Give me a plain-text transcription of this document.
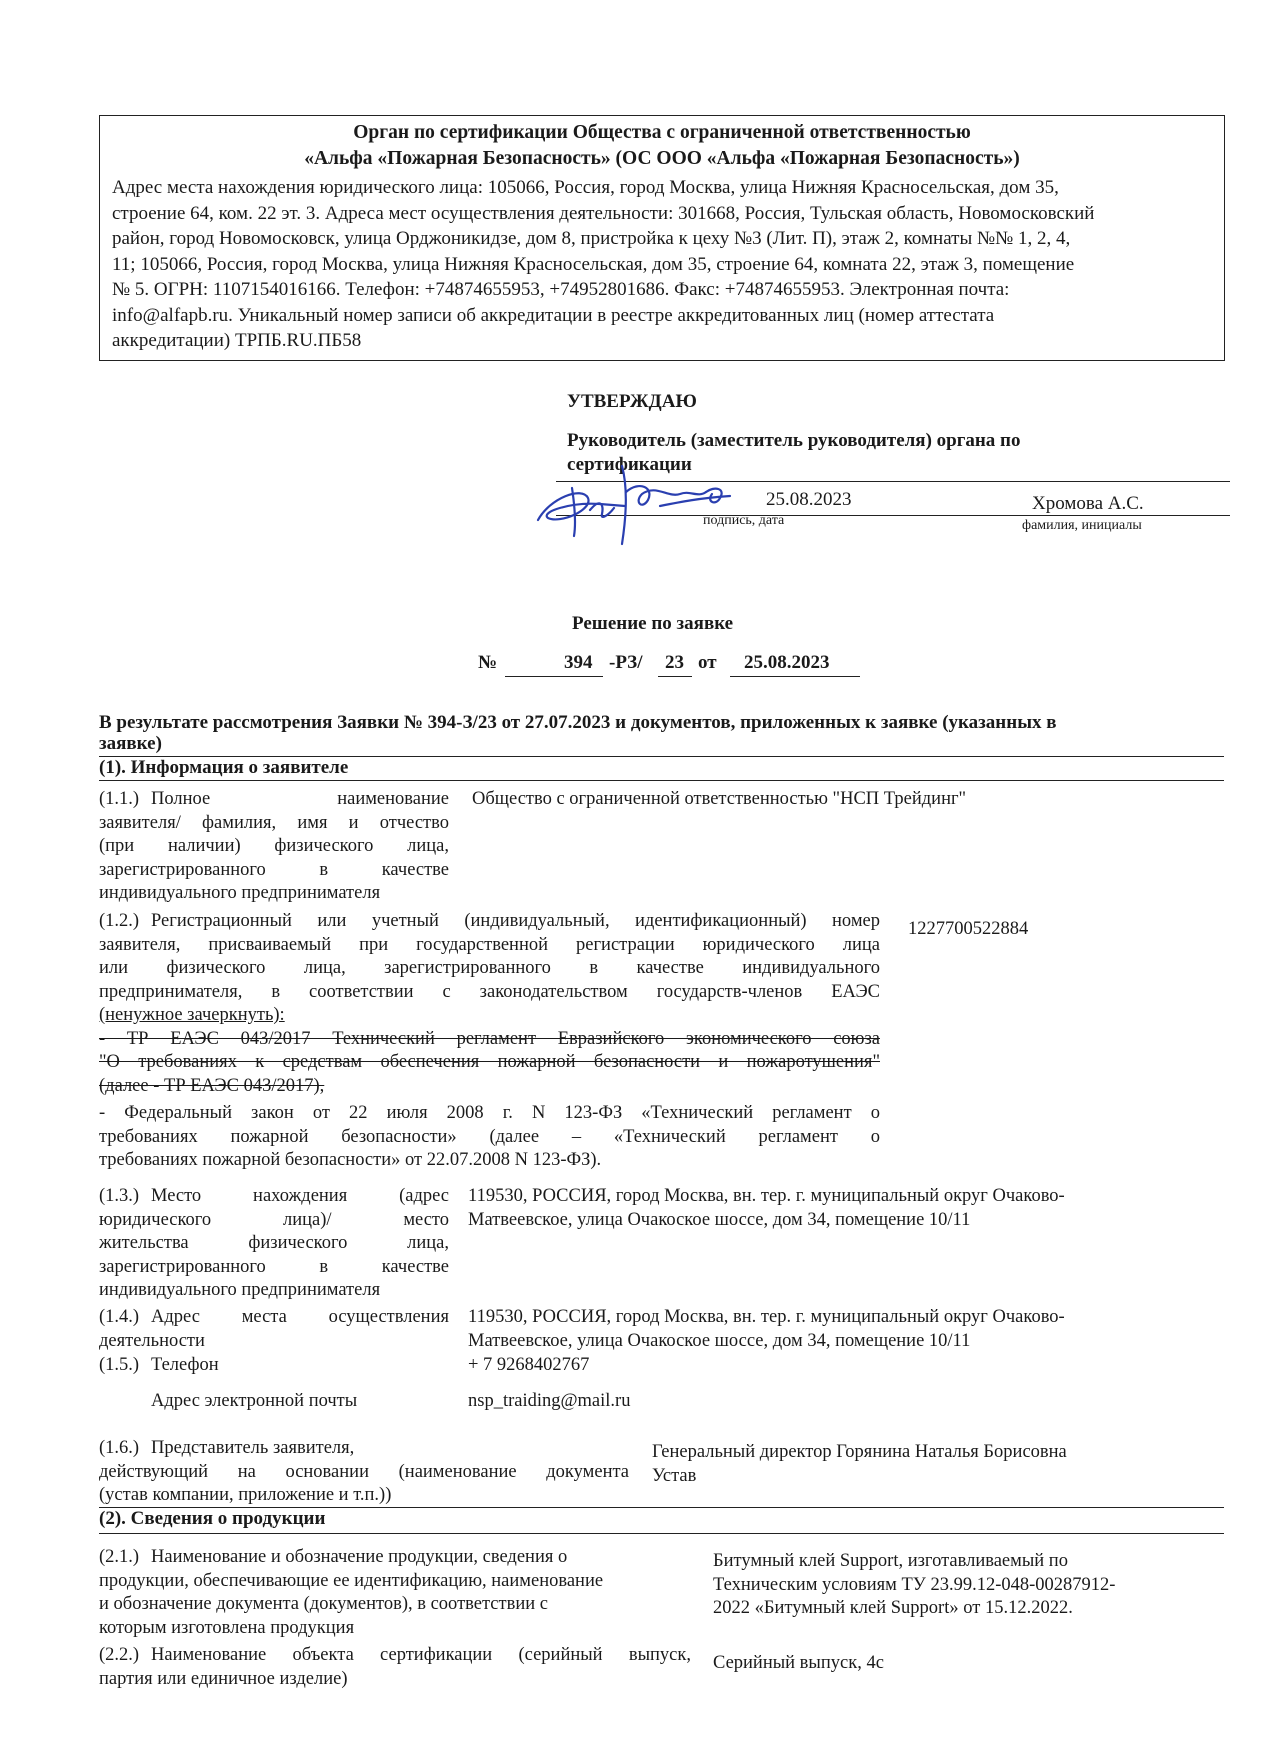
Орган по сертификации Общества с ограниченной ответственностью
«Альфа «Пожарная Безопасность» (ОС ООО «Альфа «Пожарная Безопасность»)
Адрес места нахождения юридического лица: 105066, Россия, город Москва, улица Нижняя Красносельская, дом 35,
строение 64, ком. 22 эт. 3. Адреса мест осуществления деятельности: 301668, Россия, Тульская область, Новомосковский
район, город Новомосковск, улица Орджоникидзе, дом 8, пристройка к цеху №3 (Лит. П), этаж 2, комнаты №№ 1, 2, 4,
11; 105066, Россия, город Москва, улица Нижняя Красносельская, дом 35, строение 64, комната 22, этаж 3, помещение
№ 5. ОГРН: 1107154016166. Телефон: +74874655953, +74952801686. Факс: +74874655953. Электронная почта:
info@alfapb.ru. Уникальный номер записи об аккредитации в реестре аккредитованных лиц (номер аттестата
аккредитации) ТРПБ.RU.ПБ58
УТВЕРЖДАЮ
Руководитель (заместитель руководителя) органа по
сертификации
25.08.2023	Хромова А.С.
подпись, дата	фамилия, инициалы
Решение по заявке
№	394 -РЗ/ 23 от 25.08.2023
В результате рассмотрения Заявки № 394-З/23 от 27.07.2023 и документов, приложенных к заявке (указанных в
заявке)
(1). Информация о заявителе
(1.1.) Полное наименование
заявителя/ фамилия, имя и отчество
(при наличии) физического лица,
зарегистрированного в качестве
индивидуального предпринимателя
Общество с ограниченной ответственностью "НСП Трейдинг"
(1.2.) Регистрационный или учетный (индивидуальный, идентификационный) номер
заявителя, присваиваемый при государственной регистрации юридического лица
или физического лица, зарегистрированного в качестве индивидуального
предпринимателя, в соответствии с законодательством государств-членов ЕАЭС
(ненужное зачеркнуть):
- ТР ЕАЭС 043/2017 Технический регламент Евразийского экономического союза
"О требованиях к средствам обеспечения пожарной безопасности и пожаротушения"
(далее - ТР ЕАЭС 043/2017),
- Федеральный закон от 22 июля 2008 г. N 123-ФЗ «Технический регламент о
требованиях пожарной безопасности» (далее – «Технический регламент о
требованиях пожарной безопасности» от 22.07.2008 N 123-ФЗ).
1227700522884
(1.3.) Место нахождения (адрес
юридического лица)/ место
жительства физического лица,
зарегистрированного в качестве
индивидуального предпринимателя
119530, РОССИЯ, город Москва, вн. тер. г. муниципальный округ Очаково-
Матвеевское, улица Очакоское шоссе, дом 34, помещение 10/11
(1.4.) Адрес места осуществления
деятельности
119530, РОССИЯ, город Москва, вн. тер. г. муниципальный округ Очаково-
Матвеевское, улица Очакоское шоссе, дом 34, помещение 10/11
(1.5.) Телефон	+ 7 9268402767
Адрес электронной почты	nsp_traiding@mail.ru
(1.6.) Представитель заявителя,
действующий на основании (наименование документа
(устав компании, приложение и т.п.))
Генеральный директор Горянина Наталья Борисовна
Устав
(2). Сведения о продукции
(2.1.) Наименование и обозначение продукции, сведения о
продукции, обеспечивающие ее идентификацию, наименование
и обозначение документа (документов), в соответствии с
которым изготовлена продукция
Битумный клей Support, изготавливаемый по
Техническим условиям ТУ 23.99.12-048-00287912-
2022 «Битумный клей Support» от 15.12.2022.
(2.2.) Наименование объекта сертификации (серийный выпуск,
партия или единичное изделие)
Серийный выпуск, 4с
